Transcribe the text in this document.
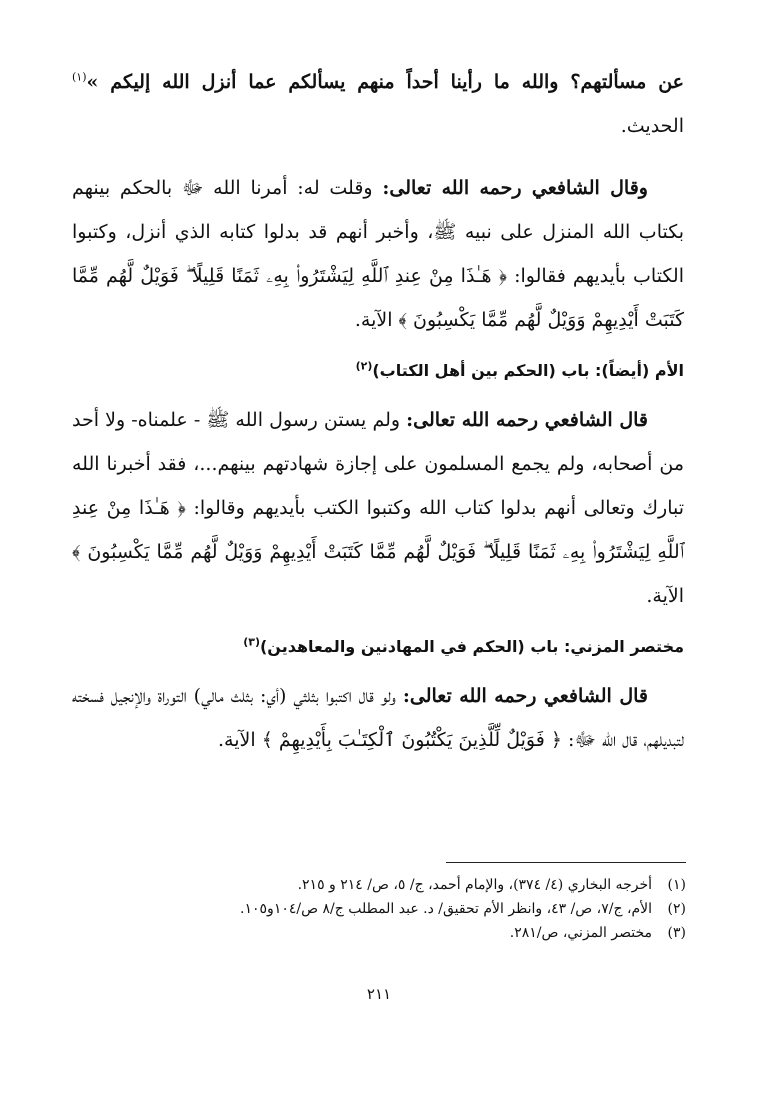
عن مسألتهم؟ والله ما رأينا أحداً منهم يسألكم عما أنزل الله إليكم »$^{(١)}$ الحديث.

وقال الشافعي رحمه الله تعالى: وقلت له: أمرنا الله ﷻ بالحكم بينهم بكتاب الله المنزل على نبيه ﷺ، وأخبر أنهم قد بدلوا كتابه الذي أنزل، وكتبوا الكتاب بأيديهم فقالوا: ﴿ هَـٰذَا مِنْ عِندِ ٱللَّهِ لِيَشْتَرُوا۟ بِهِۦ ثَمَنًا قَلِيلًا ۖ فَوَيْلٌ لَّهُم مِّمَّا كَتَبَتْ أَيْدِيهِمْ وَوَيْلٌ لَّهُم مِّمَّا يَكْسِبُونَ ﴾ الآية.

الأم (أيضاً): باب (الحكم بين أهل الكتاب)$^{(٢)}$

قال الشافعي رحمه الله تعالى: ولم يستن رسول الله ﷺ - علمناه- ولا أحد من أصحابه، ولم يجمع المسلمون على إجازة شهادتهم بينهم...، فقد أخبرنا الله تبارك وتعالى أنهم بدلوا كتاب الله وكتبوا الكتب بأيديهم وقالوا: ﴿ هَـٰذَا مِنْ عِندِ ٱللَّهِ لِيَشْتَرُوا۟ بِهِۦ ثَمَنًا قَلِيلًا ۖ فَوَيْلٌ لَّهُم مِّمَّا كَتَبَتْ أَيْدِيهِمْ وَوَيْلٌ لَّهُم مِّمَّا يَكْسِبُونَ ﴾ الآية.

مختصر المزني: باب (الحكم في المهادنين والمعاهدين)$^{(٣)}$

قال الشافعي رحمه الله تعالى: ولو قال اكتبوا بثلثي (أي: بثلث مالي) التوراة والإنجيل فسخته لتبديلهم، قال الله ﷻ: ﴿ فَوَيْلٌ لِّلَّذِينَ يَكْتُبُونَ ٱلْكِتَـٰبَ بِأَيْدِيهِمْ ﴾ الآية.

(١)أخرجه البخاري (٤/ ٣٧٤)، والإمام أحمد، ج/ ٥، ص/ ٢١٤ و ٢١٥.
(٢)الأم، ج/٧، ص/ ٤٣، وانظر الأم تحقيق/ د. عبد المطلب ج/٨ ص/١٠٤و١٠٥.
(٣)مختصر المزني، ص/٢٨١.
٢١١
